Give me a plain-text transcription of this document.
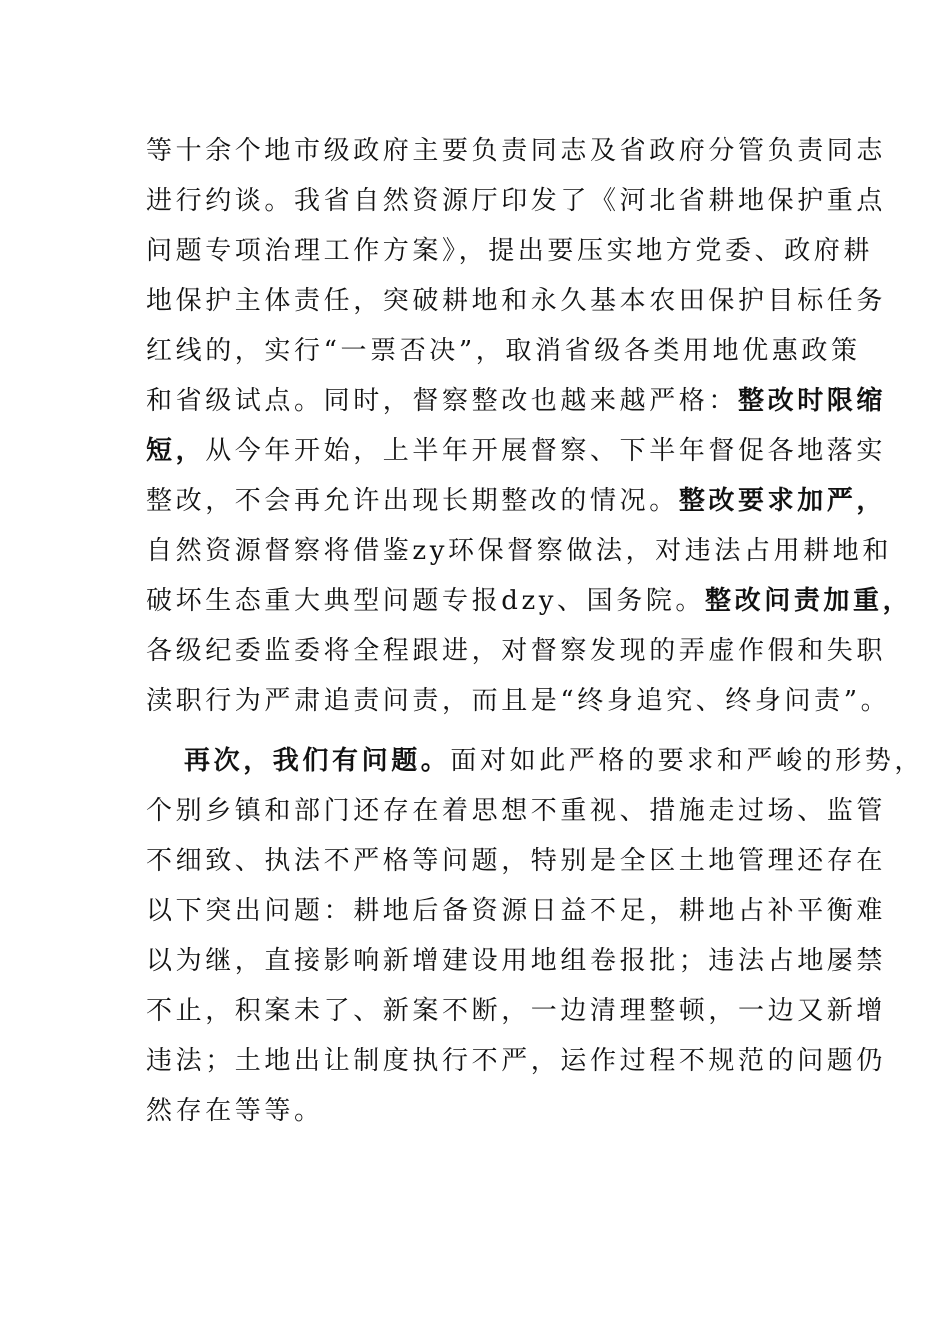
等十余个地市级政府主要负责同志及省政府分管负责同志
进行约谈。我省自然资源厅印发了《河北省耕地保护重点
问题专项治理工作方案》，提出要压实地方党委、政府耕
地保护主体责任，突破耕地和永久基本农田保护目标任务
红线的，实行“一票否决”，取消省级各类用地优惠政策
和省级试点。同时，督察整改也越来越严格：整改时限缩
短，从今年开始，上半年开展督察、下半年督促各地落实
整改，不会再允许出现长期整改的情况。整改要求加严，
自然资源督察将借鉴zy环保督察做法，对违法占用耕地和
破坏生态重大典型问题专报dzy、国务院。整改问责加重，
各级纪委监委将全程跟进，对督察发现的弄虚作假和失职
渎职行为严肃追责问责，而且是“终身追究、终身问责”。
再次，我们有问题。面对如此严格的要求和严峻的形势，
个别乡镇和部门还存在着思想不重视、措施走过场、监管
不细致、执法不严格等问题，特别是全区土地管理还存在
以下突出问题：耕地后备资源日益不足，耕地占补平衡难
以为继，直接影响新增建设用地组卷报批；违法占地屡禁
不止，积案未了、新案不断，一边清理整顿，一边又新增
违法；土地出让制度执行不严，运作过程不规范的问题仍
然存在等等。
